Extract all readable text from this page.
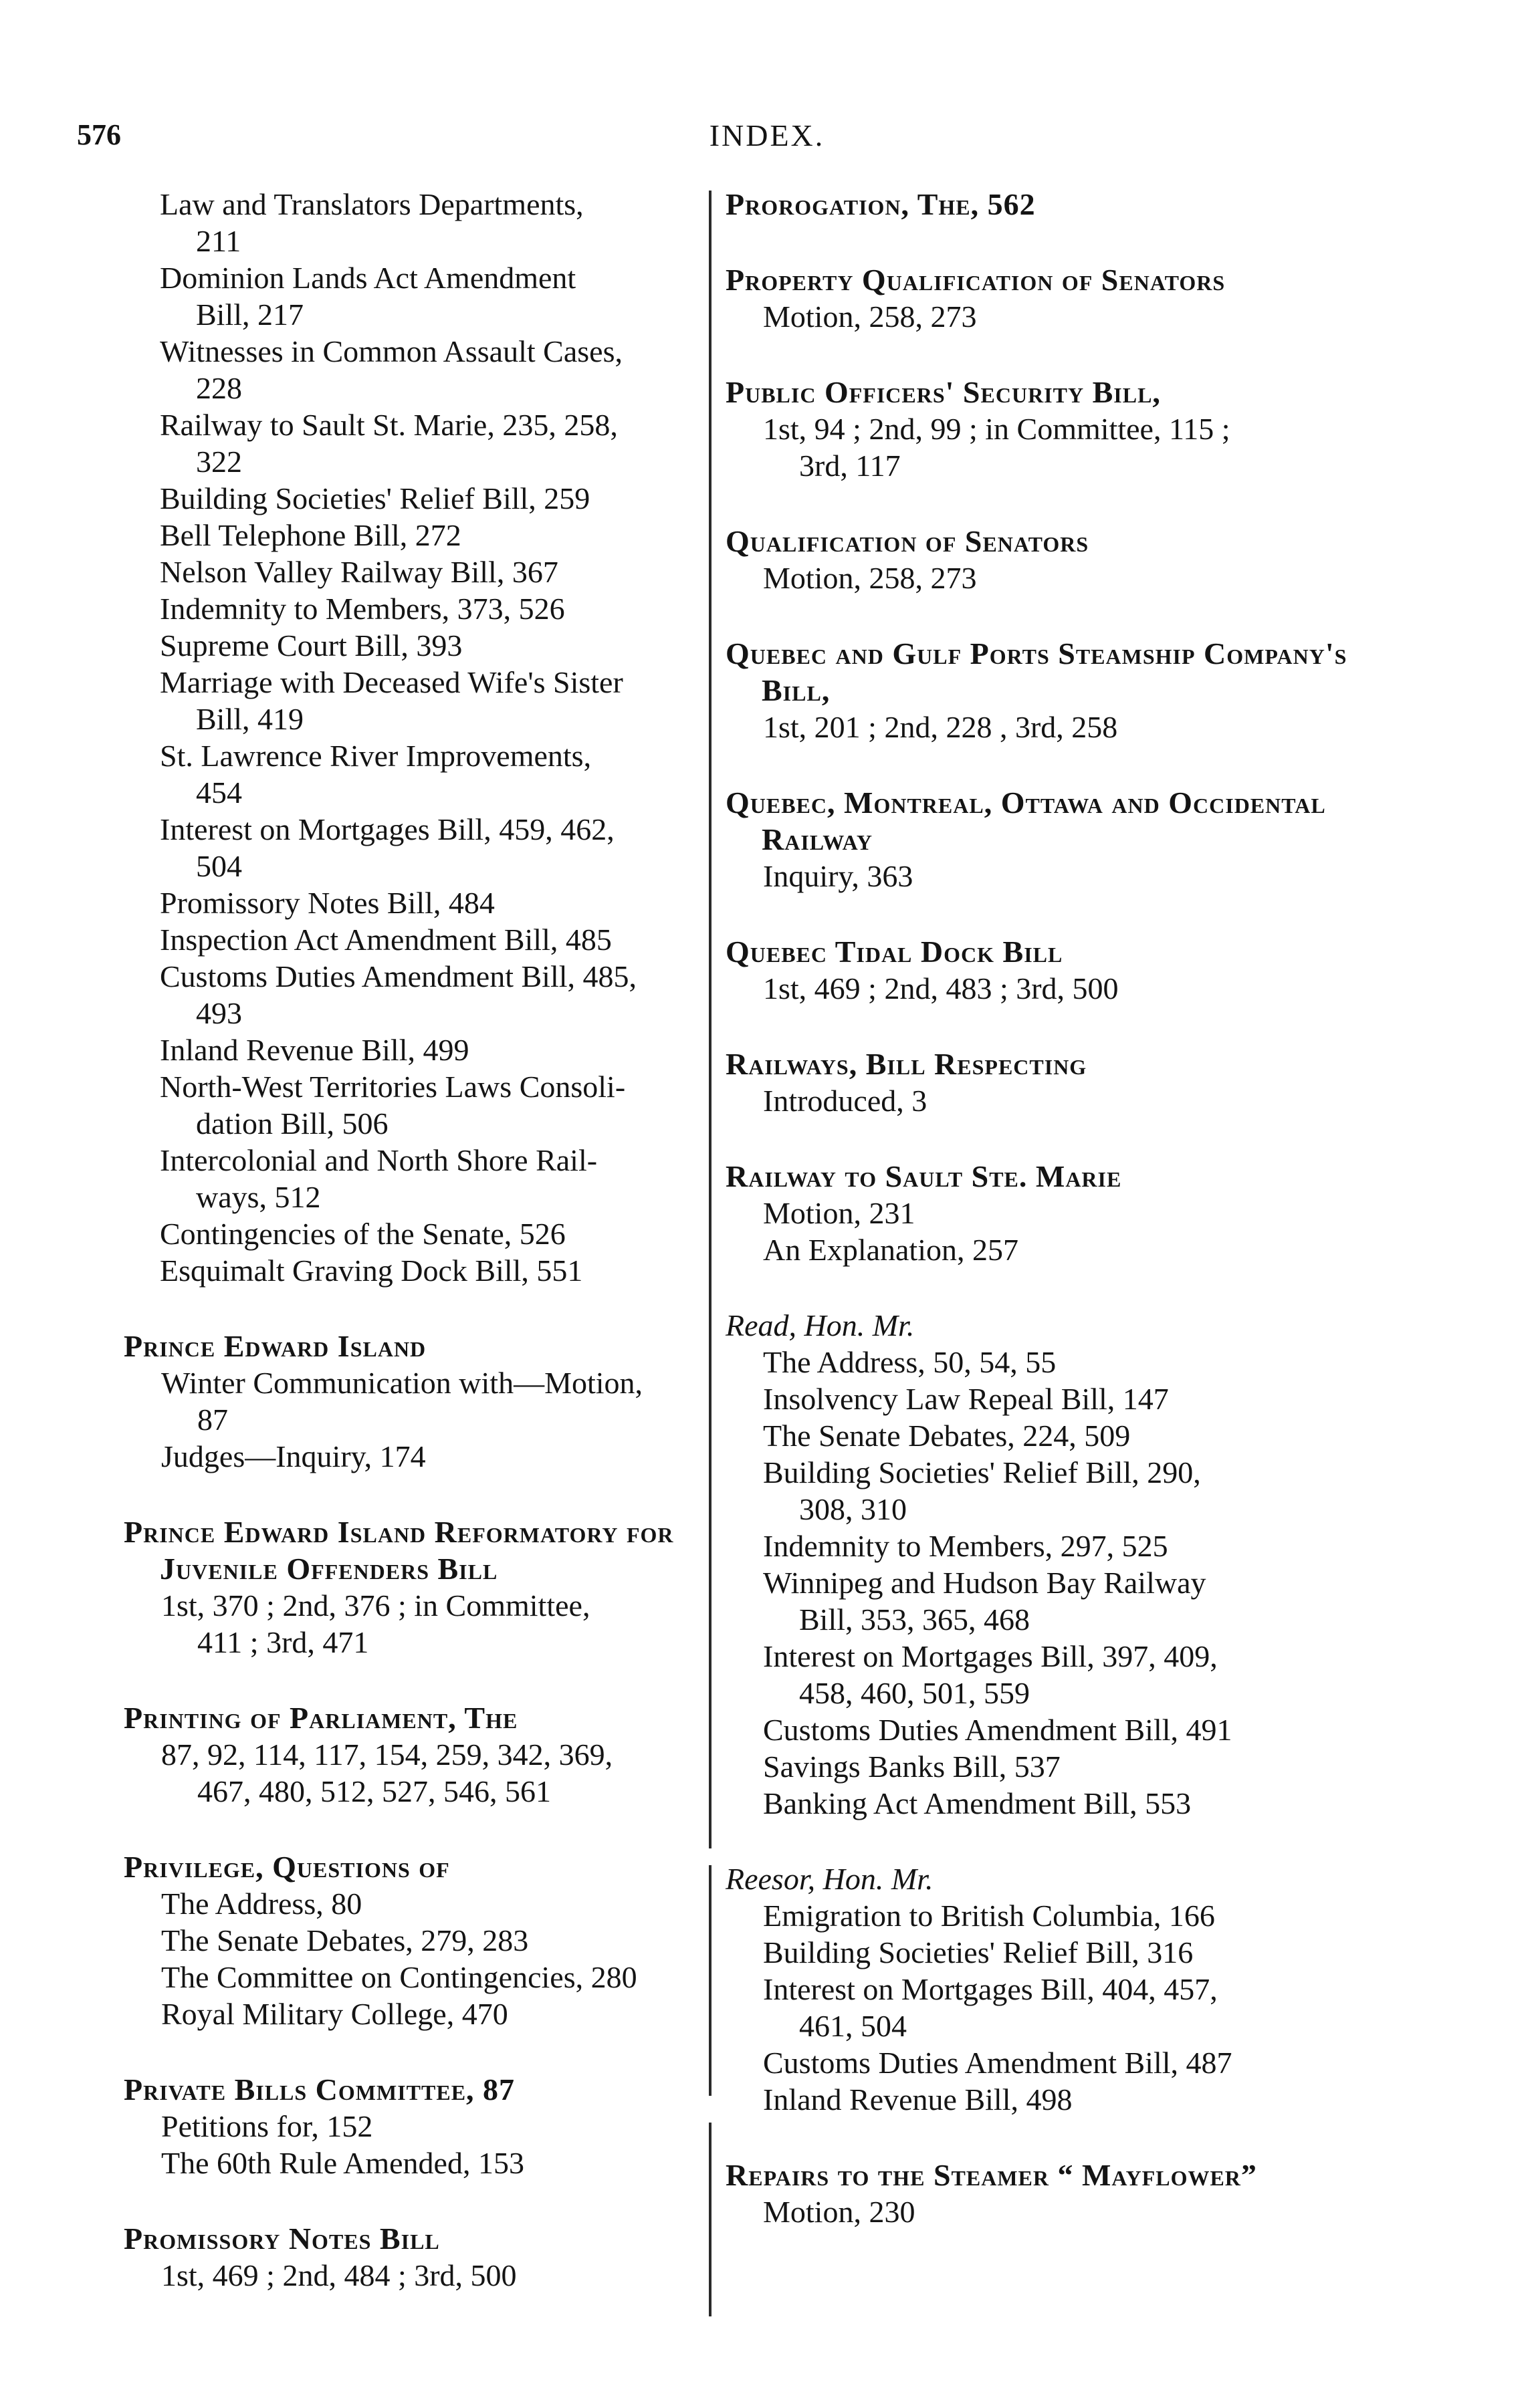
576	INDEX.
Law and Translators Departments,
211
Dominion Lands Act Amendment
Bill, 217
Witnesses in Common Assault Cases,
228
Railway to Sault St. Marie, 235, 258,
322
Building Societies' Relief Bill, 259
Bell Telephone Bill, 272
Nelson Valley Railway Bill, 367
Indemnity to Members, 373, 526
Supreme Court Bill, 393
Marriage with Deceased Wife's Sister
Bill, 419
St. Lawrence River Improvements,
454
Interest on Mortgages Bill, 459, 462,
504
Promissory Notes Bill, 484
Inspection Act Amendment Bill, 485
Customs Duties Amendment Bill, 485,
493
Inland Revenue Bill, 499
North-West Territories Laws Consoli-
dation Bill, 506
Intercolonial and North Shore Rail-
ways, 512
Contingencies of the Senate, 526
Esquimalt Graving Dock Bill, 551
Prince Edward Island
Winter Communication with—Motion,
87
Judges—Inquiry, 174
Prince Edward Island Reformatory for Juvenile Offenders Bill
1st, 370 ; 2nd, 376 ; in Committee,
411 ; 3rd, 471
Printing of Parliament, The
87, 92, 114, 117, 154, 259, 342, 369,
467, 480, 512, 527, 546, 561
Privilege, Questions of
The Address, 80
The Senate Debates, 279, 283
The Committee on Contingencies, 280
Royal Military College, 470
Private Bills Committee, 87
Petitions for, 152
The 60th Rule Amended, 153
Promissory Notes Bill
1st, 469 ; 2nd, 484 ; 3rd, 500
Prorogation, The, 562
Property Qualification of Senators
Motion, 258, 273
Public Officers' Security Bill,
1st, 94 ; 2nd, 99 ; in Committee, 115 ;
3rd, 117
Qualification of Senators
Motion, 258, 273
Quebec and Gulf Ports Steamship Company's Bill,
1st, 201 ; 2nd, 228 , 3rd, 258
Quebec, Montreal, Ottawa and Occidental Railway
Inquiry, 363
Quebec Tidal Dock Bill
1st, 469 ; 2nd, 483 ; 3rd, 500
Railways, Bill Respecting
Introduced, 3
Railway to Sault Ste. Marie
Motion, 231
An Explanation, 257
Read, Hon. Mr.
The Address, 50, 54, 55
Insolvency Law Repeal Bill, 147
The Senate Debates, 224, 509
Building Societies' Relief Bill, 290,
308, 310
Indemnity to Members, 297, 525
Winnipeg and Hudson Bay Railway
Bill, 353, 365, 468
Interest on Mortgages Bill, 397, 409,
458, 460, 501, 559
Customs Duties Amendment Bill, 491
Savings Banks Bill, 537
Banking Act Amendment Bill, 553
Reesor, Hon. Mr.
Emigration to British Columbia, 166
Building Societies' Relief Bill, 316
Interest on Mortgages Bill, 404, 457,
461, 504
Customs Duties Amendment Bill, 487
Inland Revenue Bill, 498
Repairs to the Steamer “ Mayflower”
Motion, 230
